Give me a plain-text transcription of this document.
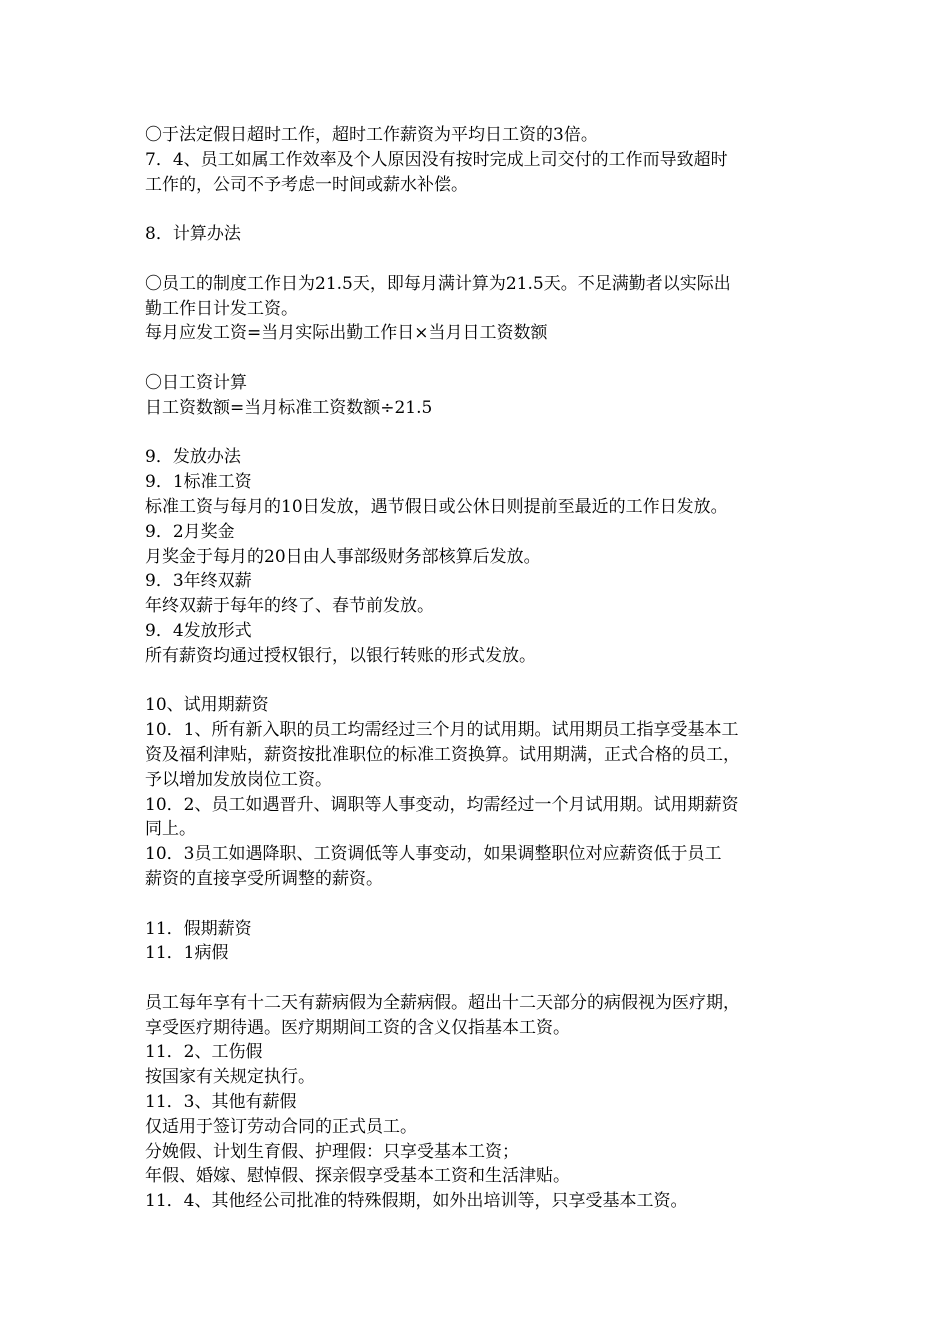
〇于法定假日超时工作，超时工作薪资为平均日工资的3倍。
7．4、员工如属工作效率及个人原因没有按时完成上司交付的工作而导致超时
工作的，公司不予考虑一时间或薪水补偿。
8．计算办法
〇员工的制度工作日为21.5天，即每月满计算为21.5天。不足满勤者以实际出
勤工作日计发工资。
每月应发工资=当月实际出勤工作日×当月日工资数额
〇日工资计算
日工资数额=当月标准工资数额÷21.5
9．发放办法
9．1标准工资
标准工资与每月的10日发放，遇节假日或公休日则提前至最近的工作日发放。
9．2月奖金
月奖金于每月的20日由人事部级财务部核算后发放。
9．3年终双薪
年终双薪于每年的终了、春节前发放。
9．4发放形式
所有薪资均通过授权银行，以银行转账的形式发放。
10、试用期薪资
10．1、所有新入职的员工均需经过三个月的试用期。试用期员工指享受基本工
资及福利津贴，薪资按批准职位的标准工资换算。试用期满，正式合格的员工，
予以增加发放岗位工资。
10．2、员工如遇晋升、调职等人事变动，均需经过一个月试用期。试用期薪资
同上。
10．3员工如遇降职、工资调低等人事变动，如果调整职位对应薪资低于员工
薪资的直接享受所调整的薪资。
11．假期薪资
11．1病假
员工每年享有十二天有薪病假为全薪病假。超出十二天部分的病假视为医疗期，
享受医疗期待遇。医疗期期间工资的含义仅指基本工资。
11．2、工伤假
按国家有关规定执行。
11．3、其他有薪假
仅适用于签订劳动合同的正式员工。
分娩假、计划生育假、护理假：只享受基本工资；
年假、婚嫁、慰悼假、探亲假享受基本工资和生活津贴。
11．4、其他经公司批准的特殊假期，如外出培训等，只享受基本工资。
